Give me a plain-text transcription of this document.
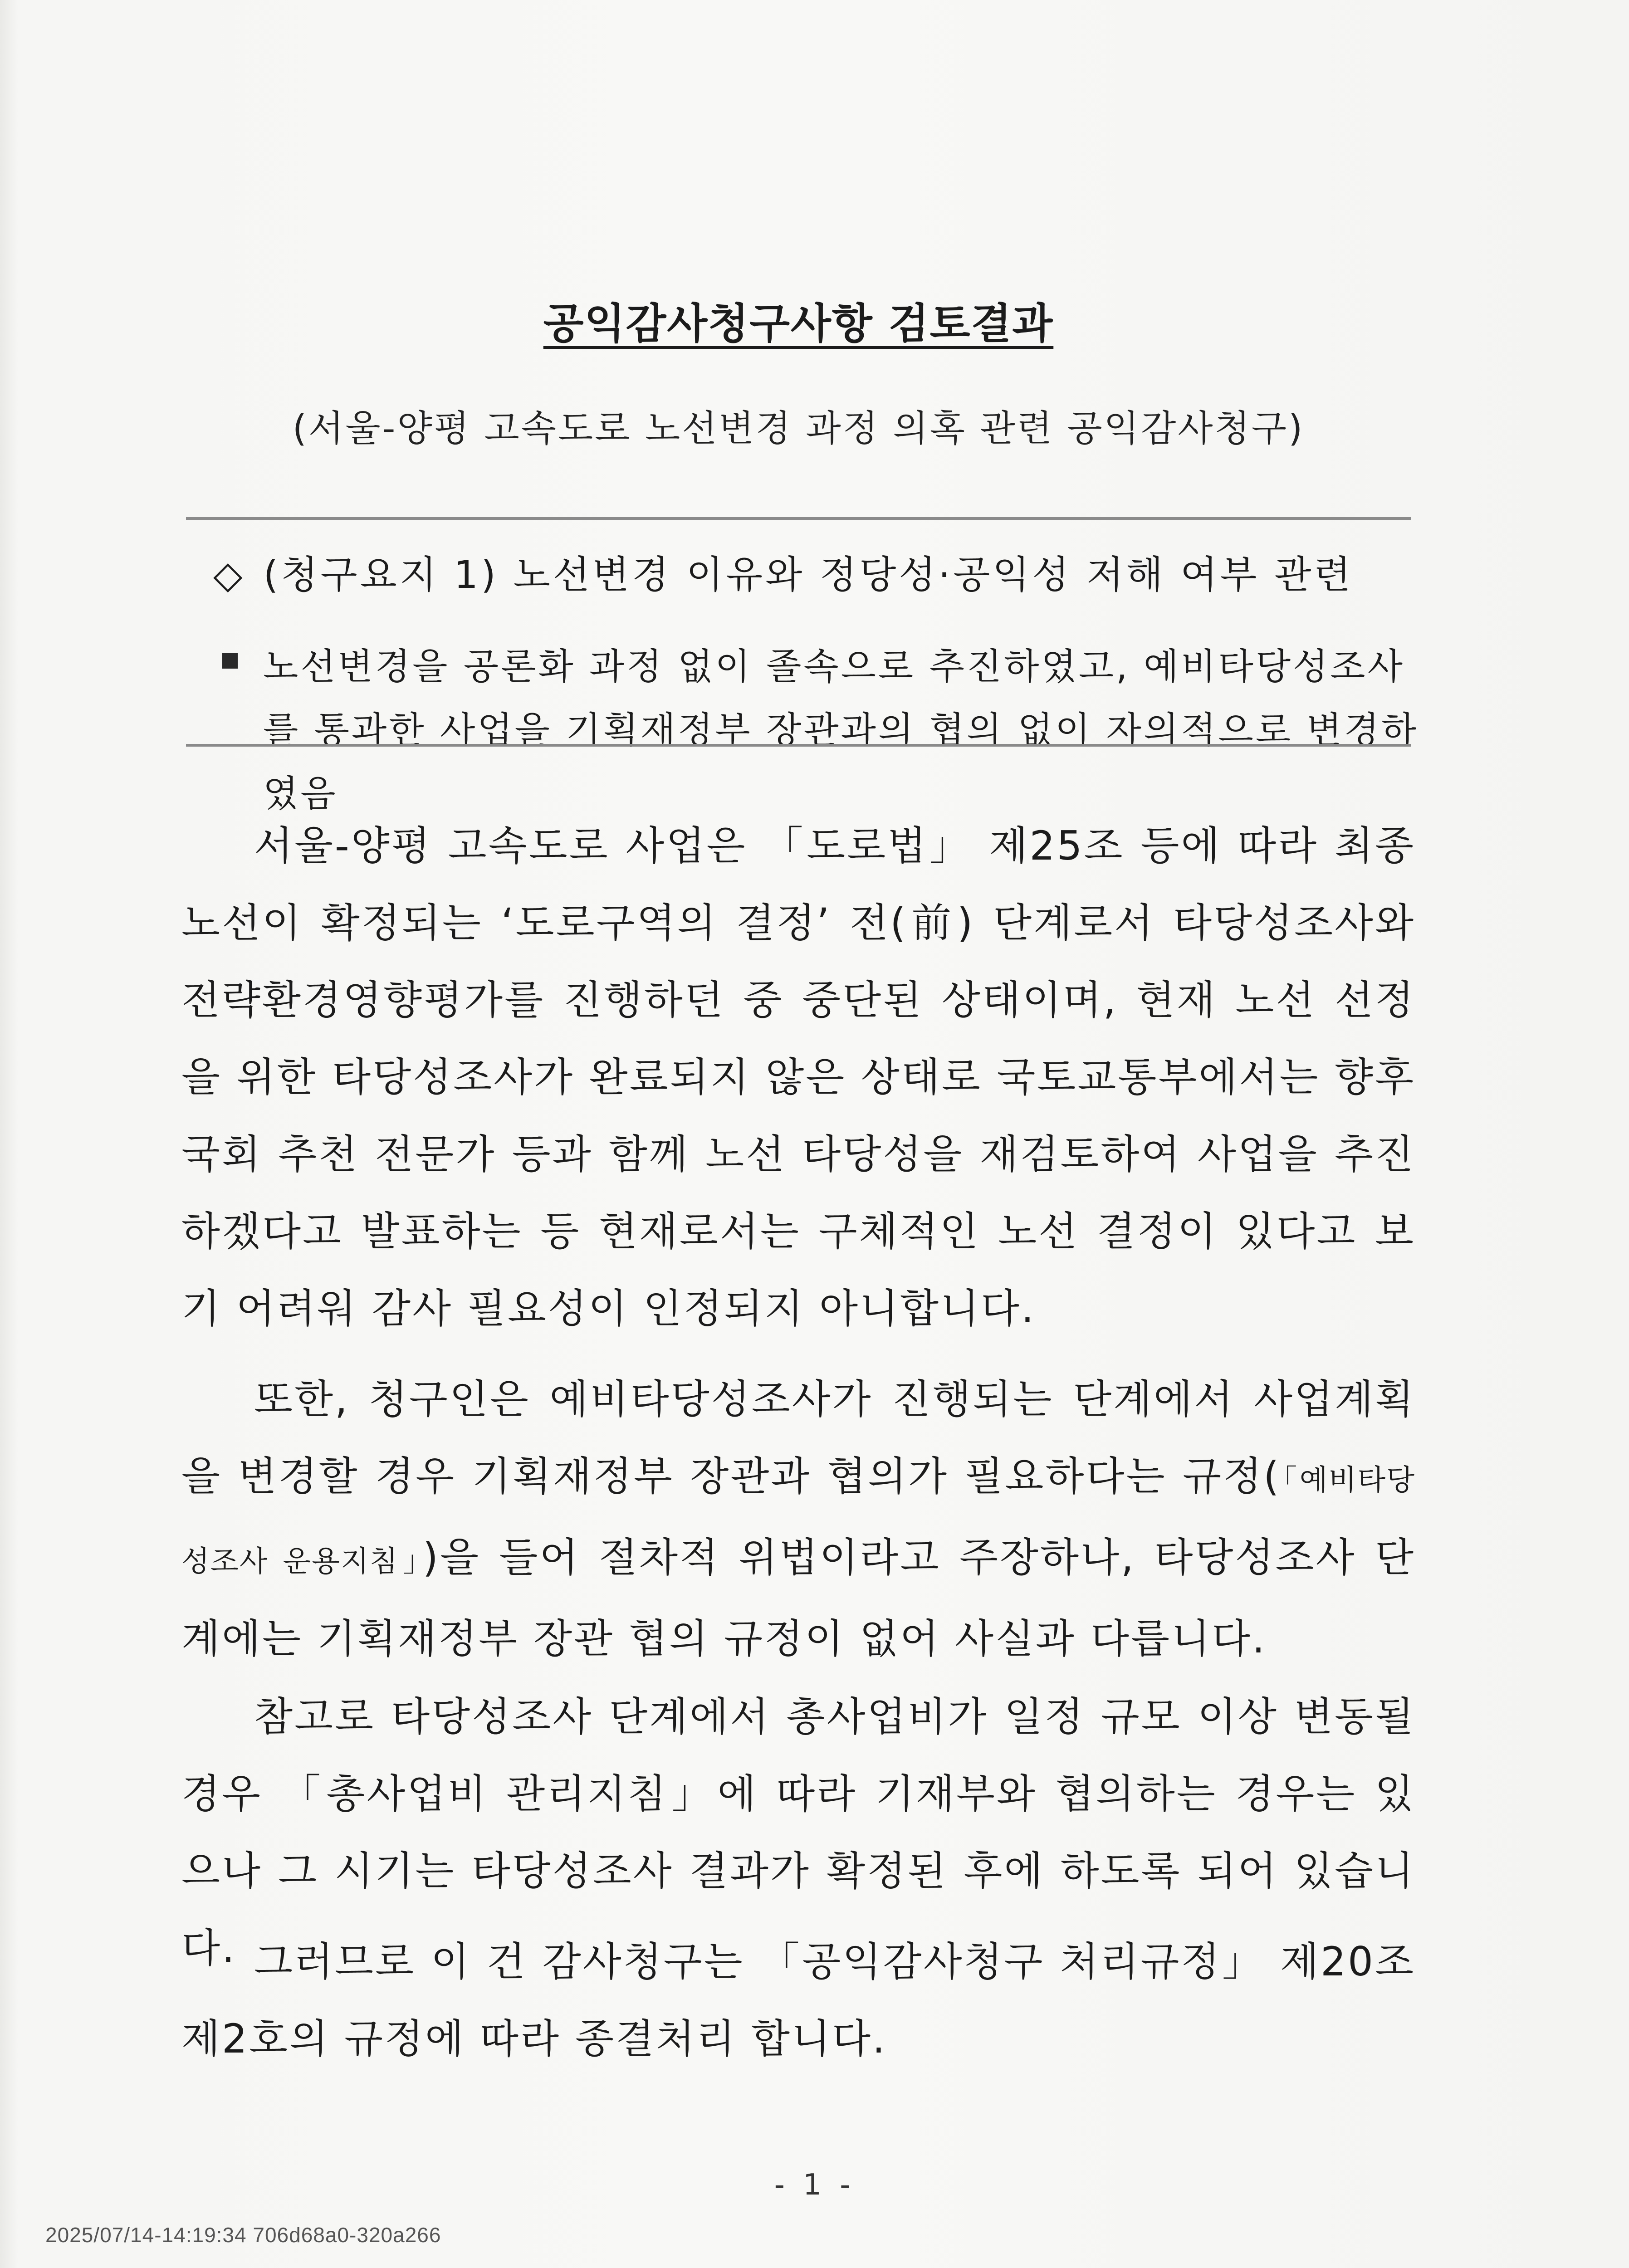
공익감사청구사항 검토결과
(서울-양평 고속도로 노선변경 과정 의혹 관련 공익감사청구)
◇ (청구요지 1) 노선변경 이유와 정당성·공익성 저해 여부 관련
노선변경을 공론화 과정 없이 졸속으로 추진하였고, 예비타당성조사를 통과한 사업을 기획재정부 장관과의 협의 없이 자의적으로 변경하였음
서울-양평 고속도로 사업은 「도로법」 제25조 등에 따라 최종 노선이 확정되는 ‘도로구역의 결정’ 전(前) 단계로서 타당성조사와 전략환경영향평가를 진행하던 중 중단된 상태이며, 현재 노선 선정을 위한 타당성조사가 완료되지 않은 상태로 국토교통부에서는 향후 국회 추천 전문가 등과 함께 노선 타당성을 재검토하여 사업을 추진하겠다고 발표하는 등 현재로서는 구체적인 노선 결정이 있다고 보기 어려워 감사 필요성이 인정되지 아니합니다.
또한, 청구인은 예비타당성조사가 진행되는 단계에서 사업계획을 변경할 경우 기획재정부 장관과 협의가 필요하다는 규정(「예비타당성조사 운용지침」)을 들어 절차적 위법이라고 주장하나, 타당성조사 단계에는 기획재정부 장관 협의 규정이 없어 사실과 다릅니다.
참고로 타당성조사 단계에서 총사업비가 일정 규모 이상 변동될 경우 「총사업비 관리지침」에 따라 기재부와 협의하는 경우는 있으나 그 시기는 타당성조사 결과가 확정된 후에 하도록 되어 있습니다. 그러므로 이 건 감사청구는 「공익감사청구 처리규정」 제20조 제2호의 규정에 따라 종결처리 합니다.
- 1 -
2025/07/14-14:19:34 706d68a0-320a266
